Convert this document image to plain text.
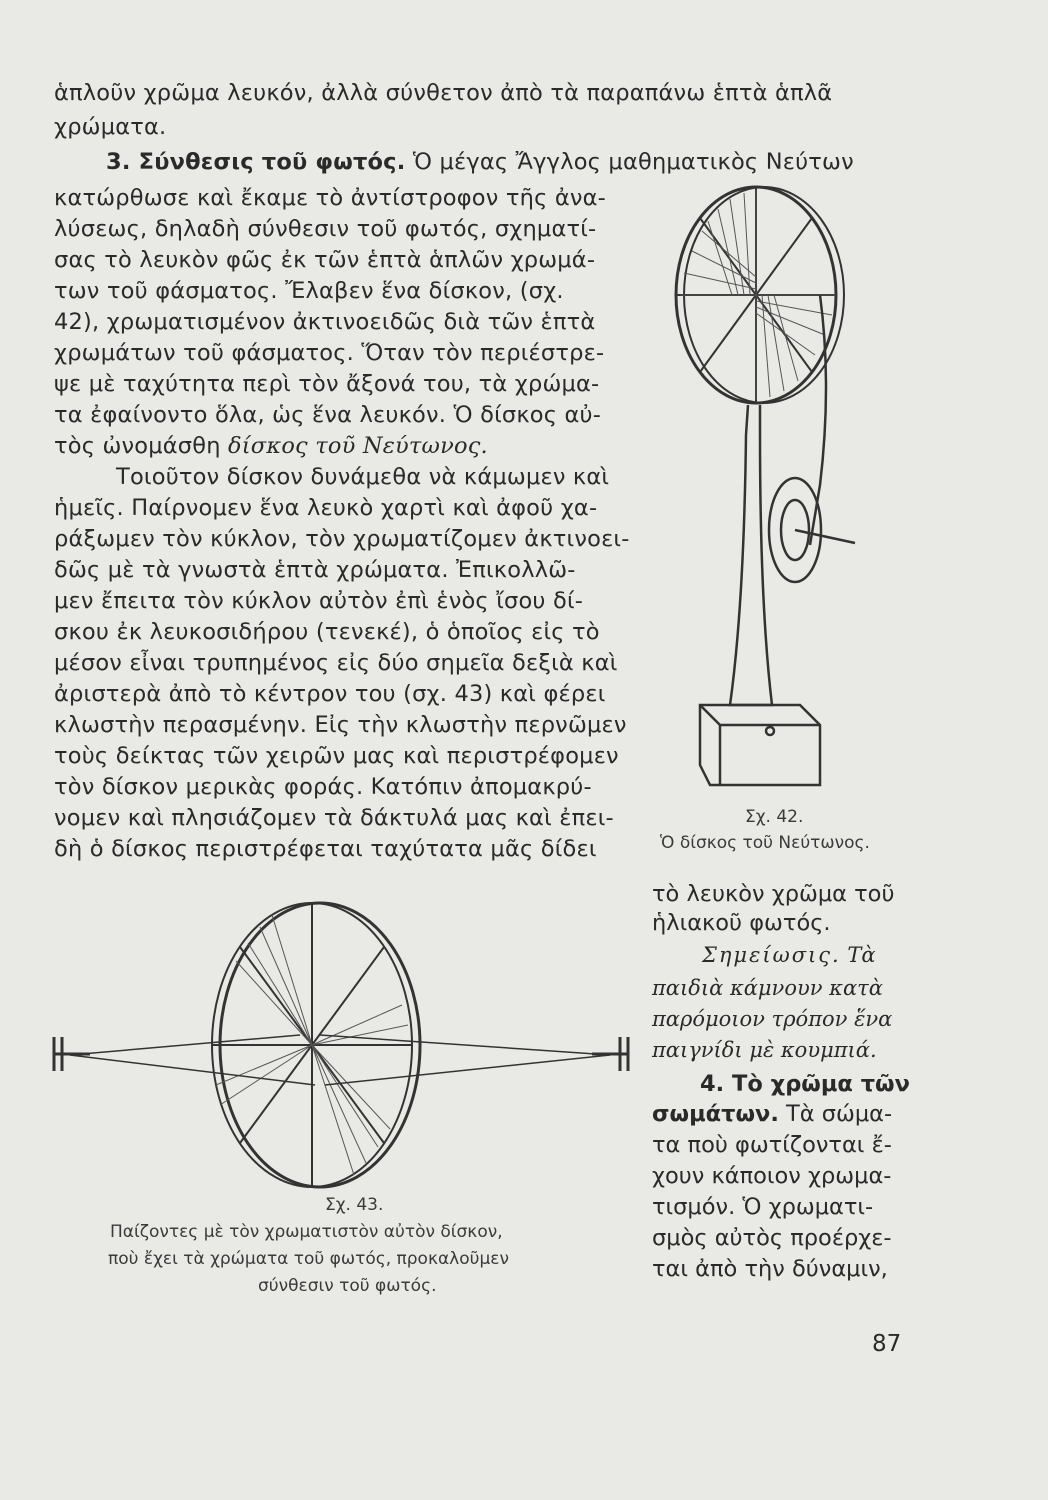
ἁπλοῦν χρῶμα λευκόν, ἀλλὰ σύνθετον ἀπὸ τὰ παραπάνω ἑπτὰ ἁπλᾶ
χρώματα.
3. Σύνθεσις τοῦ φωτός. Ὁ μέγας Ἄγγλος μαθηματικὸς Νεύτων
κατώρθωσε καὶ ἔκαμε τὸ ἀντίστροφον τῆς ἀνα-
λύσεως, δηλαδὴ σύνθεσιν τοῦ φωτός, σχηματί-
σας τὸ λευκὸν φῶς ἐκ τῶν ἑπτὰ ἁπλῶν χρωμά-
των τοῦ φάσματος. Ἔλαβεν ἕνα δίσκον, (σχ.
42), χρωματισμένον ἀκτινοειδῶς διὰ τῶν ἑπτὰ
χρωμάτων τοῦ φάσματος. Ὅταν τὸν περιέστρε-
ψε μὲ ταχύτητα περὶ τὸν ἄξονά του, τὰ χρώμα-
τα ἐφαίνοντο ὅλα, ὡς ἕνα λευκόν. Ὁ δίσκος αὐ-
τὸς ὠνομάσθη δίσκος τοῦ Νεύτωνος.
Τοιοῦτον δίσκον δυνάμεθα νὰ κάμωμεν καὶ
ἡμεῖς. Παίρνομεν ἕνα λευκὸ χαρτὶ καὶ ἀφοῦ χα-
ράξωμεν τὸν κύκλον, τὸν χρωματίζομεν ἀκτινοει-
δῶς μὲ τὰ γνωστὰ ἑπτὰ χρώματα. Ἐπικολλῶ-
μεν ἔπειτα τὸν κύκλον αὐτὸν ἐπὶ ἑνὸς ἴσου δί-
σκου ἐκ λευκοσιδήρου (τενεκέ), ὁ ὁποῖος εἰς τὸ
μέσον εἶναι τρυπημένος εἰς δύο σημεῖα δεξιὰ καὶ
ἀριστερὰ ἀπὸ τὸ κέντρον του (σχ. 43) καὶ φέρει
κλωστὴν περασμένην. Εἰς τὴν κλωστὴν περνῶμεν
τοὺς δείκτας τῶν χειρῶν μας καὶ περιστρέφομεν
τὸν δίσκον μερικὰς φοράς. Κατόπιν ἀπομακρύ-
νομεν καὶ πλησιάζομεν τὰ δάκτυλά μας καὶ ἐπει-
δὴ ὁ δίσκος περιστρέφεται ταχύτατα μᾶς δίδει
Σχ. 42.
Ὁ δίσκος τοῦ Νεύτωνος.
Σχ. 43.
Παίζοντες μὲ τὸν χρωματιστὸν αὐτὸν δίσκον,
ποὺ ἔχει τὰ χρώματα τοῦ φωτός, προκαλοῦμεν
σύνθεσιν τοῦ φωτός.
τὸ λευκὸν χρῶμα τοῦ
ἡλιακοῦ φωτός.
Σημείωσις. Τὰ
παιδιὰ κάμνουν κατὰ
παρόμοιον τρόπον ἕνα
παιγνίδι μὲ κουμπιά.
4. Τὸ χρῶμα τῶν
σωμάτων. Τὰ σώμα-
τα ποὺ φωτίζονται ἔ-
χουν κάποιον χρωμα-
τισμόν. Ὁ χρωματι-
σμὸς αὐτὸς προέρχε-
ται ἀπὸ τὴν δύναμιν,
87
